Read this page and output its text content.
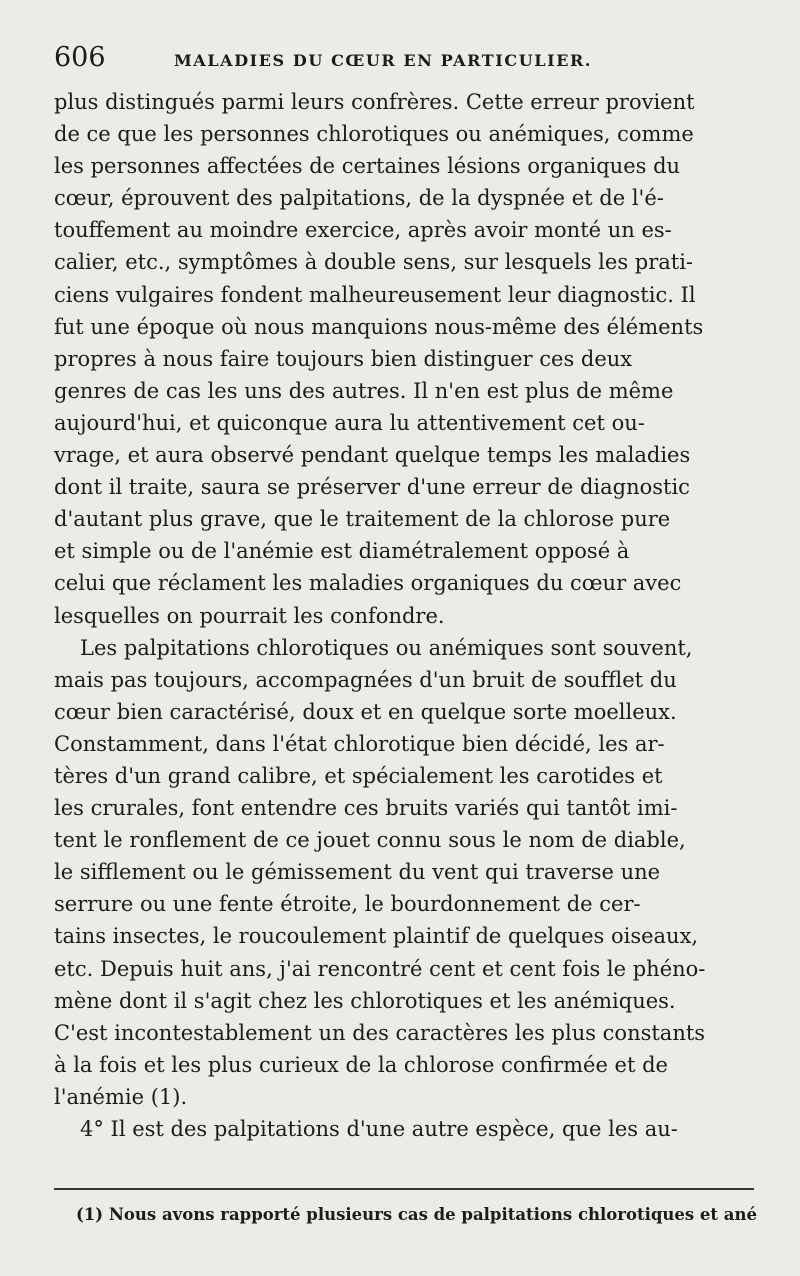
606	MALADIES DU CŒUR EN PARTICULIER.
plus distingués parmi leurs confrères. Cette erreur provient
de ce que les personnes chlorotiques ou anémiques, comme
les personnes affectées de certaines lésions organiques du
cœur, éprouvent des palpitations, de la dyspnée et de l'é-
touffement au moindre exercice, après avoir monté un es-
calier, etc., symptômes à double sens, sur lesquels les prati-
ciens vulgaires fondent malheureusement leur diagnostic. Il
fut une époque où nous manquions nous-même des éléments
propres à nous faire toujours bien distinguer ces deux
genres de cas les uns des autres. Il n'en est plus de même
aujourd'hui, et quiconque aura lu attentivement cet ou-
vrage, et aura observé pendant quelque temps les maladies
dont il traite, saura se préserver d'une erreur de diagnostic
d'autant plus grave, que le traitement de la chlorose pure
et simple ou de l'anémie est diamétralement opposé à
celui que réclament les maladies organiques du cœur avec
lesquelles on pourrait les confondre.
Les palpitations chlorotiques ou anémiques sont souvent,
mais pas toujours, accompagnées d'un bruit de soufflet du
cœur bien caractérisé, doux et en quelque sorte moelleux.
Constamment, dans l'état chlorotique bien décidé, les ar-
tères d'un grand calibre, et spécialement les carotides et
les crurales, font entendre ces bruits variés qui tantôt imi-
tent le ronflement de ce jouet connu sous le nom de diable,
le sifflement ou le gémissement du vent qui traverse une
serrure ou une fente étroite, le bourdonnement de cer-
tains insectes, le roucoulement plaintif de quelques oiseaux,
etc. Depuis huit ans, j'ai rencontré cent et cent fois le phéno-
mène dont il s'agit chez les chlorotiques et les anémiques.
C'est incontestablement un des caractères les plus constants
à la fois et les plus curieux de la chlorose confirmée et de
l'anémie (1).
4° Il est des palpitations d'une autre espèce, que les au-
(1) Nous avons rapporté plusieurs cas de palpitations chlorotiques et ané
